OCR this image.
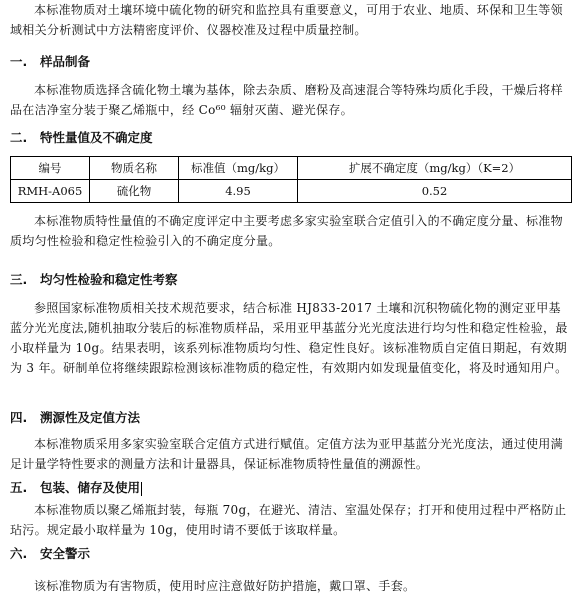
本标准物质对土壤环境中硫化物的研究和监控具有重要意义，可用于农业、地质、环保和卫生等领域相关分析测试中方法精密度评价、仪器校准及过程中质量控制。

一. 样品制备

本标准物质选择含硫化物土壤为基体，除去杂质、磨粉及高速混合等特殊均质化手段，干燥后将样品在洁净室分装于聚乙烯瓶中，经 Co⁶⁰ 辐射灭菌、避光保存。

二. 特性量值及不确定度
编号	物质名称	标准值（mg/kg）	扩展不确定度（mg/kg）（K=2）
RMH-A065	硫化物	4.95	0.52

本标准物质特性量值的不确定度评定中主要考虑多家实验室联合定值引入的不确定度分量、标准物质均匀性检验和稳定性检验引入的不确定度分量。

三. 均匀性检验和稳定性考察

参照国家标准物质相关技术规范要求，结合标准 HJ833-2017 土壤和沉积物硫化物的测定亚甲基蓝分光光度法,随机抽取分装后的标准物质样品，采用亚甲基蓝分光光度法进行均匀性和稳定性检验，最小取样量为 10g。结果表明，该系列标准物质均匀性、稳定性良好。该标准物质自定值日期起，有效期为 3 年。研制单位将继续跟踪检测该标准物质的稳定性，有效期内如发现量值变化，将及时通知用户。

四. 溯源性及定值方法

本标准物质采用多家实验室联合定值方式进行赋值。定值方法为亚甲基蓝分光光度法，通过使用满足计量学特性要求的测量方法和计量器具，保证标准物质特性量值的溯源性。

五. 包装、储存及使用

本标准物质以聚乙烯瓶封装，每瓶 70g，在避光、清洁、室温处保存；打开和使用过程中严格防止玷污。规定最小取样量为 10g，使用时请不要低于该取样量。

六. 安全警示

该标准物质为有害物质，使用时应注意做好防护措施，戴口罩、手套。
